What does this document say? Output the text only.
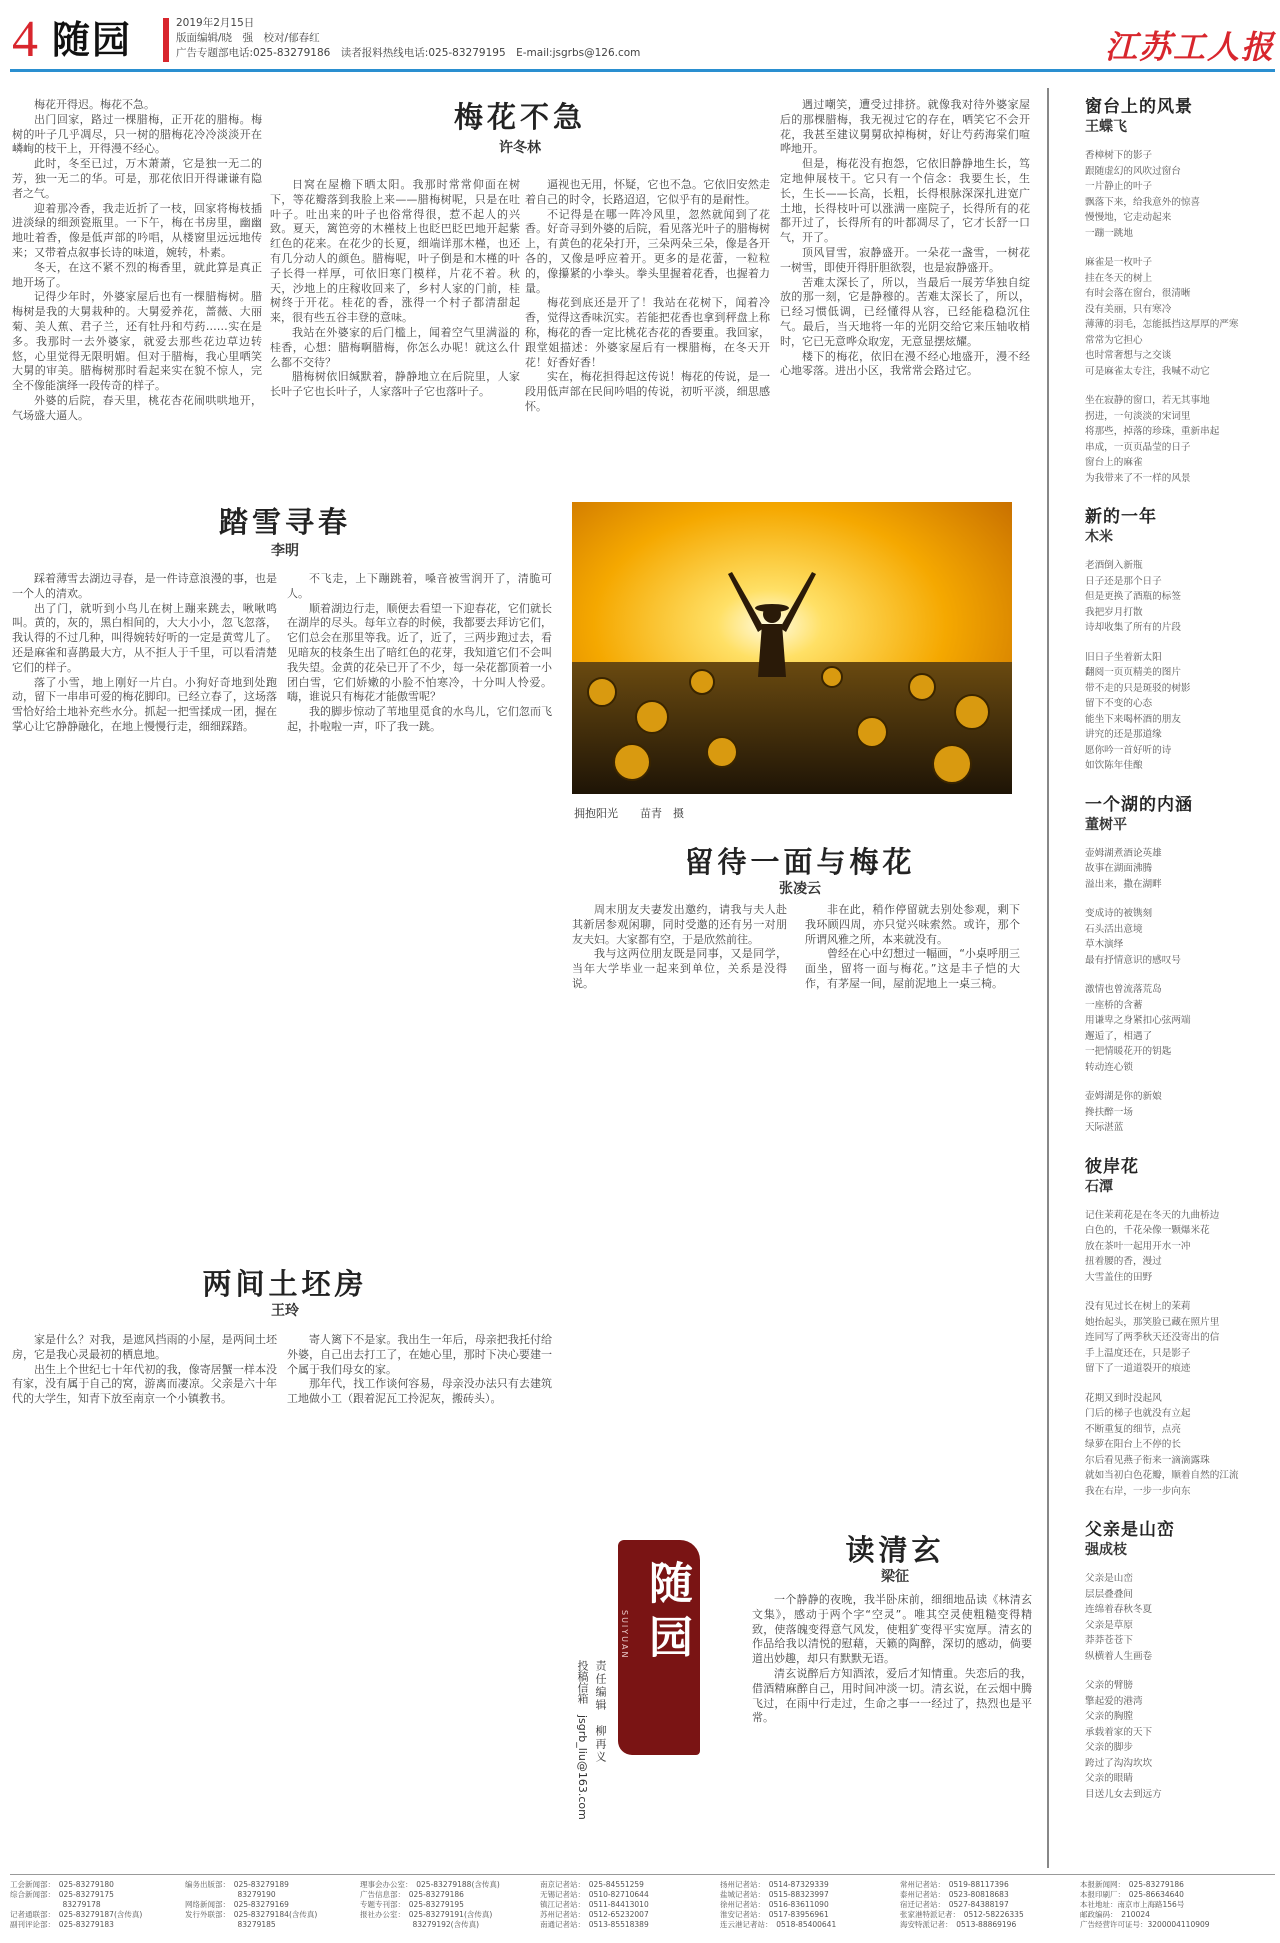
4 随园	2019年2月15日
版面编辑/晓　强　校对/郁春红
广告专题部电话:025-83279186　读者报料热线电话:025-83279195　E-mail:jsgrbs@126.com	江苏工人报
梅花不急
许冬林

梅花开得迟。梅花不急。

出门回家，路过一棵腊梅，正开花的腊梅。梅树的叶子几乎凋尽，只一树的腊梅花冷冷淡淡开在嶙峋的枝干上，开得漫不经心。

此时，冬至已过，万木萧萧，它是独一无二的芳，独一无二的华。可是，那花依旧开得谦谦有隐者之气。

迎着那冷香，我走近折了一枝，回家将梅枝插进淡绿的细颈瓷瓶里。一下午，梅在书房里，幽幽地吐着香，像是低声部的吟唱，从楼窗里远远地传来；又带着点叙事长诗的味道，婉转，朴素。

冬天，在这不紧不烈的梅香里，就此算是真正地开场了。

记得少年时，外婆家屋后也有一棵腊梅树。腊梅树是我的大舅栽种的。大舅爱养花，蔷薇、大丽菊、美人蕉、君子兰，还有牡丹和芍药……实在是多。我那时一去外婆家，就爱去那些花边草边转悠，心里觉得无限明媚。但对于腊梅，我心里哂笑大舅的审美。腊梅树那时看起来实在貌不惊人，完全不像能演绎一段传奇的样子。

外婆的后院，春天里，桃花杏花闹哄哄地开，气场盛大逼人。

日窝在屋檐下晒太阳。我那时常常仰面在树下，等花瓣落到我脸上来——腊梅树呢，只是在吐叶子。吐出来的叶子也俗常得很，惹不起人的兴致。夏天，篱笆旁的木槿枝上也眨巴眨巴地开起紫红色的花来。在花少的长夏，细端详那木槿，也还有几分动人的颜色。腊梅呢，叶子倒是和木槿的叶子长得一样厚，可依旧寒门模样，片花不着。秋天，沙地上的庄稼收回来了，乡村人家的门前，桂树终于开花。桂花的香，涨得一个村子都清甜起来，很有些五谷丰登的意味。

我站在外婆家的后门槛上，闻着空气里满溢的桂香，心想：腊梅啊腊梅，你怎么办呢！就这么什么都不交待？

腊梅树依旧缄默着，静静地立在后院里，人家长叶子它也长叶子，人家落叶子它也落叶子。

逼视也无用，怀疑，它也不急。它依旧安然走着自己的时令，长路迢迢，它似乎有的是耐性。

不记得是在哪一阵冷风里，忽然就闻到了花香。好奇寻到外婆的后院，看见落光叶子的腊梅树上，有黄色的花朵打开，三朵两朵三朵，像是各开各的，又像是呼应着开。更多的是花蕾，一粒粒的，像攥紧的小拳头。拳头里握着花香，也握着力量。

梅花到底还是开了！我站在花树下，闻着冷香，觉得这香味沉实。若能把花香也拿到秤盘上称称，梅花的香一定比桃花杏花的香要重。我回家，跟堂姐描述：外婆家屋后有一棵腊梅，在冬天开花！好香好香！

实在，梅花担得起这传说！梅花的传说，是一段用低声部在民间吟唱的传说，初听平淡，细思感怀。

遇过嘲笑，遭受过排挤。就像我对待外婆家屋后的那棵腊梅，我无视过它的存在，哂笑它不会开花，我甚至建议舅舅砍掉梅树，好让芍药海棠们喧哗地开。

但是，梅花没有抱怨，它依旧静静地生长，笃定地伸展枝干。它只有一个信念：我要生长，生长，生长——长高，长粗，长得根脉深深扎进宽广土地，长得枝叶可以涨满一座院子，长得所有的花都开过了，长得所有的叶都凋尽了，它才长舒一口气，开了。

顶风冒雪，寂静盛开。一朵花一盏雪，一树花一树雪，即使开得肝胆欲裂，也是寂静盛开。

苦难太深长了，所以，当最后一展芳华独自绽放的那一刻，它是静穆的。苦难太深长了，所以，已经习惯低调，已经懂得从容，已经能稳稳沉住气。最后，当天地将一年的光阴交给它来压轴收梢时，它已无意哗众取宠，无意显摆炫耀。

楼下的梅花，依旧在漫不经心地盛开，漫不经心地零落。进出小区，我常常会路过它。

踏雪寻春
李明

踩着薄雪去湖边寻春，是一件诗意浪漫的事，也是一个人的清欢。

出了门，就听到小鸟儿在树上蹦来跳去，啾啾鸣叫。黄的，灰的，黑白相间的，大大小小，忽飞忽落，我认得的不过几种，叫得婉转好听的一定是黄莺儿了。还是麻雀和喜鹊最大方，从不拒人于千里，可以看清楚它们的样子。

落了小雪，地上刚好一片白。小狗好奇地到处跑动，留下一串串可爱的梅花脚印。已经立春了，这场落雪恰好给土地补充些水分。抓起一把雪揉成一团，握在掌心让它静静融化，在地上慢慢行走，细细踩踏。

不飞走，上下蹦跳着，嗓音被雪润开了，清脆可人。

顺着湖边行走，顺便去看望一下迎春花，它们就长在湖岸的尽头。每年立春的时候，我都要去拜访它们，它们总会在那里等我。近了，近了，三两步跑过去，看见暗灰的枝条生出了暗红色的花芽，我知道它们不会叫我失望。金黄的花朵已开了不少，每一朵花都顶着一小团白雪，它们娇嫩的小脸不怕寒冷，十分叫人怜爱。嗨，谁说只有梅花才能傲雪呢？

我的脚步惊动了苇地里觅食的水鸟儿，它们忽而飞起，扑啦啦一声，吓了我一跳。

拥抱阳光　　 苗青　摄
留待一面与梅花
张凌云

周末朋友夫妻发出邀约，请我与夫人赴其新居参观闲聊，同时受邀的还有另一对朋友夫妇。大家都有空，于是欣然前往。

我与这两位朋友既是同事，又是同学，当年大学毕业一起来到单位，关系是没得说。

非在此，稍作停留就去别处参观，剩下我环顾四周，亦只觉兴味索然。或许，那个所谓风雅之所，本来就没有。

曾经在心中幻想过一幅画，“小桌呼朋三面坐，留将一面与梅花。”这是丰子恺的大作，有茅屋一间，屋前泥地上一桌三椅。

两间土坯房
王玲

家是什么？对我，是遮风挡雨的小屋，是两间土坯房，它是我心灵最初的栖息地。

出生上个世纪七十年代初的我，像寄居蟹一样本没有家，没有属于自己的窝，游离而凄凉。父亲是六十年代的大学生，知青下放至南京一个小镇教书。

寄人篱下不是家。我出生一年后，母亲把我托付给外婆，自己出去打工了，在她心里，那时下决心要建一个属于我们母女的家。

那年代，找工作谈何容易，母亲没办法只有去建筑工地做小工（跟着泥瓦工拎泥灰，搬砖头）。

随园
SUIYUAN
责任编辑　柳再义
投稿信箱　jsgrb_liu@163.com
读清玄
梁征

一个静静的夜晚，我半卧床前，细细地品读《林清玄文集》，感动于两个字“空灵”。唯其空灵使粗糙变得精致，使落魄变得意气风发，使粗犷变得平实宽厚。清玄的作品给我以清悦的慰藉，天籁的陶醉，深切的感动，倘要道出妙趣，却只有默默无语。

清玄说醉后方知酒浓，爱后才知情重。失恋后的我，借酒精麻醉自己，用时间冲淡一切。清玄说，在云烟中腾飞过，在雨中行走过，生命之事一一经过了，热烈也是平常。

窗台上的风景
王蝶飞
香樟树下的影子
跟随虚幻的风吹过窗台
一片静止的叶子
飘落下来，给我意外的惊喜
慢慢地，它走动起来
一蹦一跳地
麻雀是一枚叶子
挂在冬天的树上
有时会落在窗台，很清晰
没有美丽，只有寒冷
薄薄的羽毛，怎能抵挡这厚厚的严寒
常常为它担心
也时常奢想与之交谈
可是麻雀太专注，我喊不动它
坐在寂静的窗口，若无其事地
拐进，一句淡淡的宋词里
将那些，掉落的珍珠，重新串起
串成，一页页晶莹的日子
窗台上的麻雀
为我带来了不一样的风景
新的一年
木米
老酒倒入新瓶
日子还是那个日子
但是更换了酒瓶的标签
我把岁月打散
诗却收集了所有的片段
旧日子坐着新太阳
翻阅一页页精美的图片
带不走的只是斑驳的树影
留下不变的心态
能坐下来喝杯酒的朋友
讲究的还是那道缘
愿你吟一首好听的诗
如饮陈年佳酿
一个湖的内涵
董树平
壶姆湖煮酒论英雄
故事在湖面沸腾
溢出来，撒在湖畔
变成诗的被镌刻
石头活出意境
草木演绎
最有抒情意识的感叹号
激情也曾流落荒岛
一座桥的含蓄
用谦卑之身紧扣心弦两端
邂逅了，相遇了
一把情暖花开的钥匙
转动连心锁
壶姆湖是你的新娘
搀扶醉一场
天际湛蓝
彼岸花
石潭
记住茉莉花是在冬天的九曲桥边
白色的，千花朵像一颗爆米花
放在茶叶一起用开水一冲
扭着腰的香，漫过
大雪盖住的田野
没有见过长在树上的茉莉
她抬起头，那笑脸已藏在照片里
连同写了两季秋天还没寄出的信
手上温度还在，只是影子
留下了一道道裂开的痕迹
花期又到时没起风
门后的梯子也就没有立起
不断重复的细节，点亮
绿萝在阳台上不停的长
尔后看见燕子衔来一滴滴露珠
就如当初白色花瓣，顺着自然的江流
我在右岸，一步一步向东
父亲是山峦
强成枝
父亲是山峦
层层叠叠间
连绵着春秋冬夏
父亲是草原
莽莽苍苍下
纵横着人生画卷
父亲的臂膀
擎起爱的港湾
父亲的胸膛
承载着家的天下
父亲的脚步
跨过了沟沟坎坎
父亲的眼睛
目送儿女去到远方
工会新闻部：　025-83279180
综合新闻部：　025-83279175
　　　　　　　83279178
记者通联部：　025-83279187(含传真)
副刊评论部：　025-83279183
编务出版部：　025-83279189
　　　　　　　83279190
网络新闻部：　025-83279169
发行外联部：　025-83279184(含传真)
　　　　　　　83279185
理事会办公室：　025-83279188(含传真)
广告信息部：　025-83279186
专题专刊部：　025-83279195
报社办公室：　025-83279191(含传真)
　　　　　　　83279192(含传真)
南京记者站：　025-84551259
无锡记者站：　0510-82710644
镇江记者站：　0511-84413010
苏州记者站：　0512-65232007
南通记者站：　0513-85518389
扬州记者站：　0514-87329339
盐城记者站：　0515-88323997
徐州记者站：　0516-83611090
淮安记者站：　0517-83956961
连云港记者站：　0518-85400641
常州记者站：　0519-88117396
泰州记者站：　0523-80818683
宿迁记者站：　0527-84388197
张家港特派记者：　0512-58226335
海安特派记者：　0513-88869196
本报新闻网：　025-83279186
本报印刷厂：　025-86634640
本社地址：南京市上海路156号
邮政编码：　210024
广告经营许可证号：3200004110909
